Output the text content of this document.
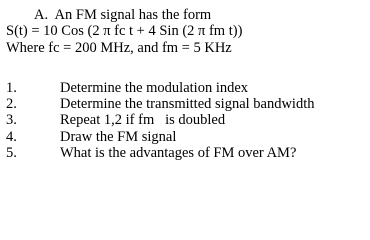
A.  An FM signal has the form
S(t) = 10 Cos (2 π fc t + 4 Sin (2 π fm t))
Where fc = 200 MHz, and fm = 5 KHz
1.	Determine the modulation index
2.	Determine the transmitted signal bandwidth
3.	Repeat 1,2 if fm   is doubled
4.	Draw the FM signal
5.	What is the advantages of FM over AM?
